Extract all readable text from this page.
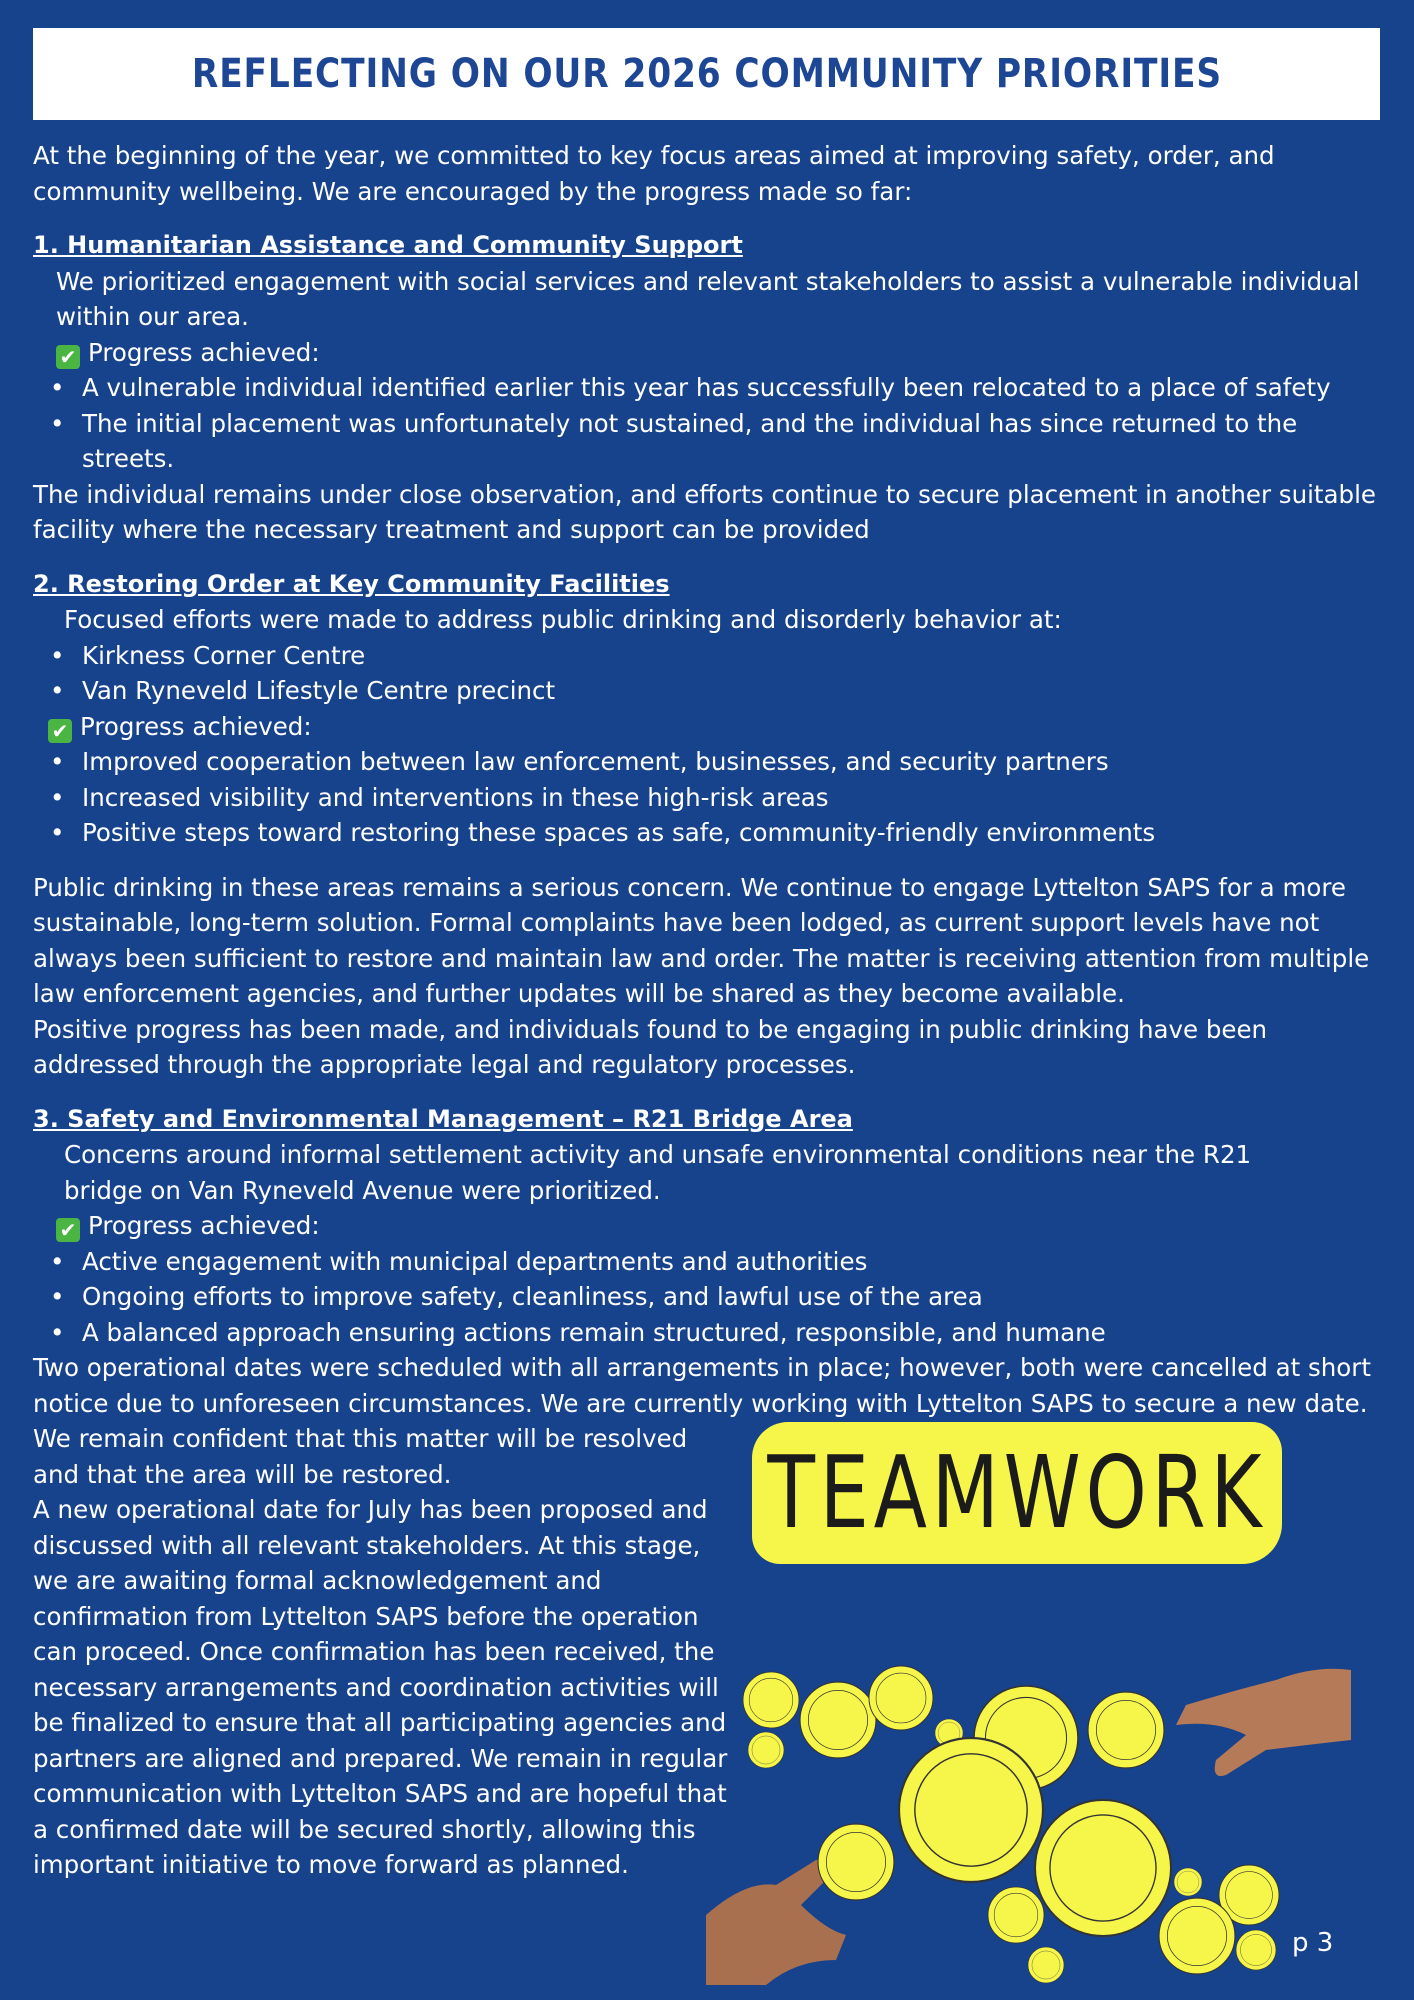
REFLECTING ON OUR 2026 COMMUNITY PRIORITIES

At the beginning of the year, we committed to key focus areas aimed at improving safety, order, and community wellbeing. We are encouraged by the progress made so far:

1. Humanitarian Assistance and Community Support

We prioritized engagement with social services and relevant stakeholders to assist a vulnerable individual within our area.

✔ Progress achieved:

• A vulnerable individual identified earlier this year has successfully been relocated to a place of safety
• The initial placement was unfortunately not sustained, and the individual has since returned to the streets.

The individual remains under close observation, and efforts continue to secure placement in another suitable facility where the necessary treatment and support can be provided

2. Restoring Order at Key Community Facilities

Focused efforts were made to address public drinking and disorderly behavior at:

• Kirkness Corner Centre
• Van Ryneveld Lifestyle Centre precinct

✔ Progress achieved:

• Improved cooperation between law enforcement, businesses, and security partners
• Increased visibility and interventions in these high-risk areas
• Positive steps toward restoring these spaces as safe, community-friendly environments

Public drinking in these areas remains a serious concern. We continue to engage Lyttelton SAPS for a more sustainable, long-term solution. Formal complaints have been lodged, as current support levels have not always been sufficient to restore and maintain law and order. The matter is receiving attention from multiple law enforcement agencies, and further updates will be shared as they become available.

Positive progress has been made, and individuals found to be engaging in public drinking have been addressed through the appropriate legal and regulatory processes.

3. Safety and Environmental Management – R21 Bridge Area

Concerns around informal settlement activity and unsafe environmental conditions near the R21 bridge on Van Ryneveld Avenue were prioritized.

✔ Progress achieved:

• Active engagement with municipal departments and authorities
• Ongoing efforts to improve safety, cleanliness, and lawful use of the area
• A balanced approach ensuring actions remain structured, responsible, and humane

Two operational dates were scheduled with all arrangements in place; however, both were cancelled at short notice due to unforeseen circumstances. We are currently working with Lyttelton SAPS to secure a new date.

We remain confident that this matter will be resolved and that the area will be restored.

A new operational date for July has been proposed and discussed with all relevant stakeholders. At this stage, we are awaiting formal acknowledgement and confirmation from Lyttelton SAPS before the operation can proceed. Once confirmation has been received, the necessary arrangements and coordination activities will be finalized to ensure that all participating agencies and partners are aligned and prepared. We remain in regular communication with Lyttelton SAPS and are hopeful that a confirmed date will be secured shortly, allowing this important initiative to move forward as planned.

TEAMWORK
p 3
